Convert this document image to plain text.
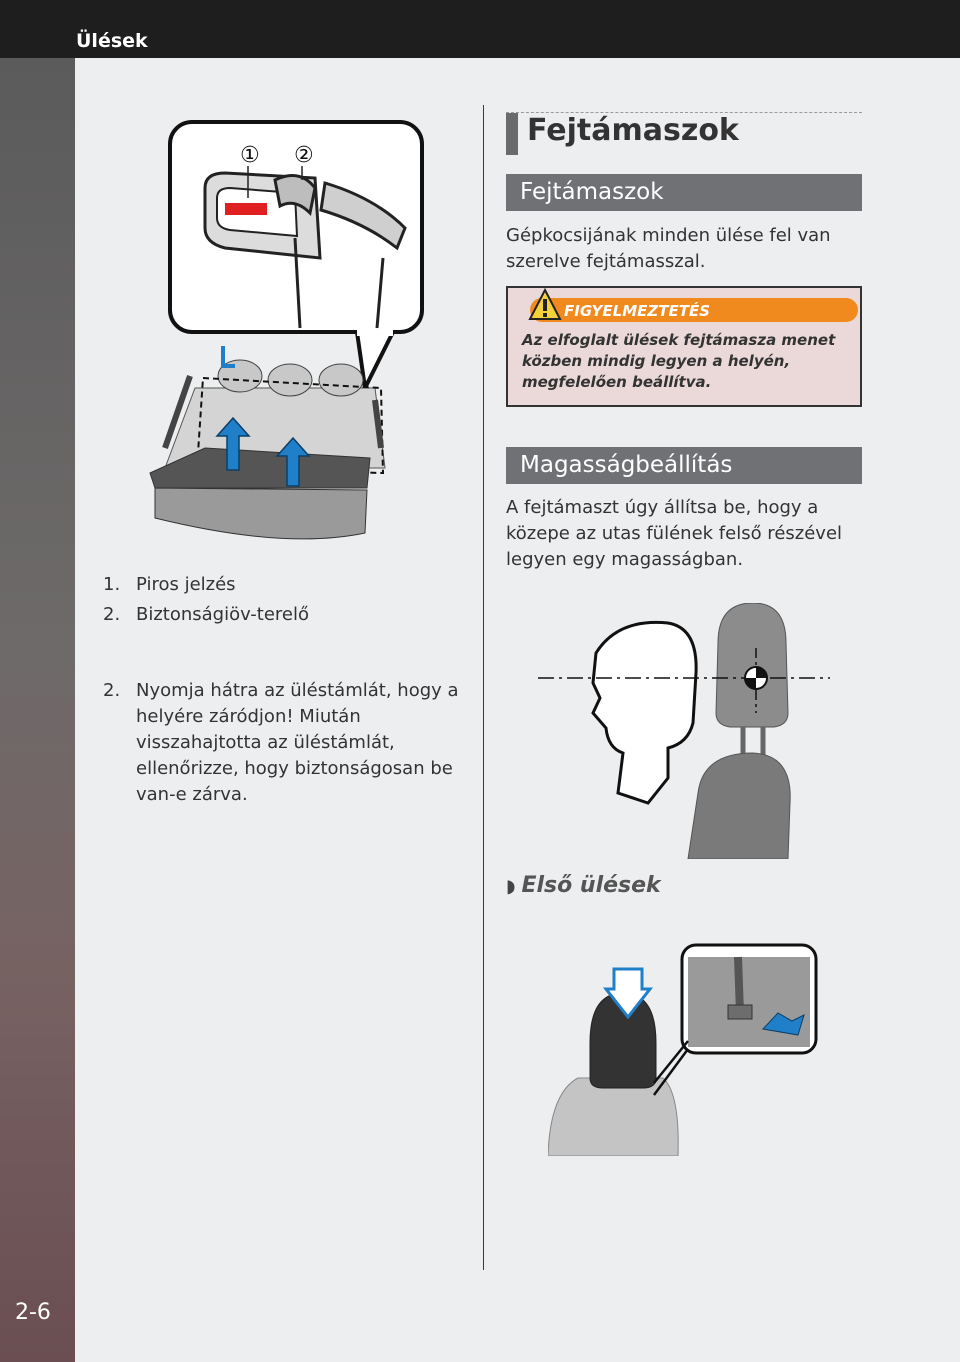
Ülések
2-6
① ②
1. Piros jelzés
2. Biztonságiöv-terelő
2. Nyomja hátra az üléstámlát, hogy a helyére záródjon! Miután visszahajtotta az üléstámlát, ellenőrizze, hogy biztonságosan be van-e zárva.
Fejtámaszok
Fejtámaszok
Gépkocsijának minden ülése fel van szerelve fejtámasszal.
FIGYELMEZTETÉS
Az elfoglalt ülések fejtámasza menet közben mindig legyen a helyén, megfelelően beállítva.
Magasságbeállítás
A fejtámaszt úgy állítsa be, hogy a közepe az utas fülének felső részével legyen egy magasságban.
◗ Első ülések
